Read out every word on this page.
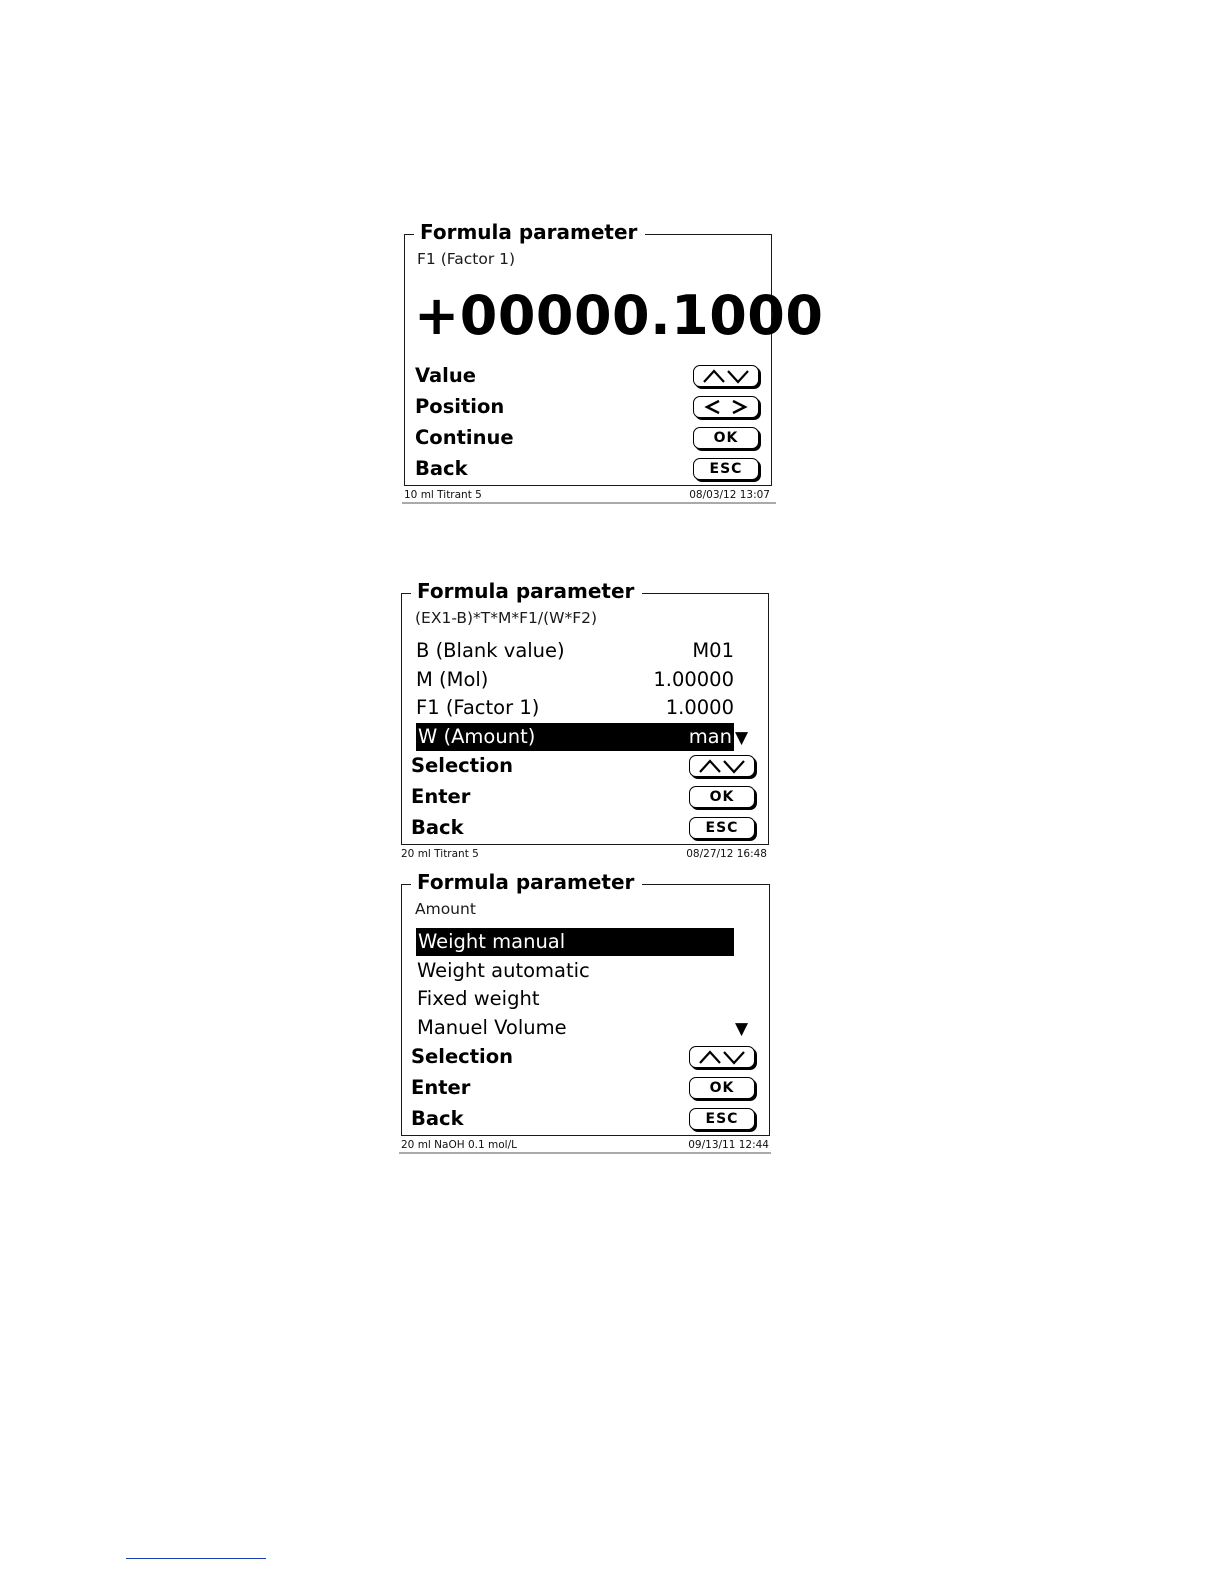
Formula parameter
F1 (Factor 1)
+00000.1000
Value
Position
Continue	OK
Back	ESC
10 ml Titrant 5	08/03/12 13:07
Formula parameter
(EX1-B)*T*M*F1/(W*F2)
B (Blank value)	M01
M (Mol)	1.00000
F1 (Factor 1)	1.0000
W (Amount)	man ▼
Selection
Enter	OK
Back	ESC
20 ml Titrant 5	08/27/12 16:48
Formula parameter
Amount
Weight manual
Weight automatic
Fixed weight
Manuel Volume	▼
Selection
Enter	OK
Back	ESC
20 ml NaOH 0.1 mol/L	09/13/11 12:44
